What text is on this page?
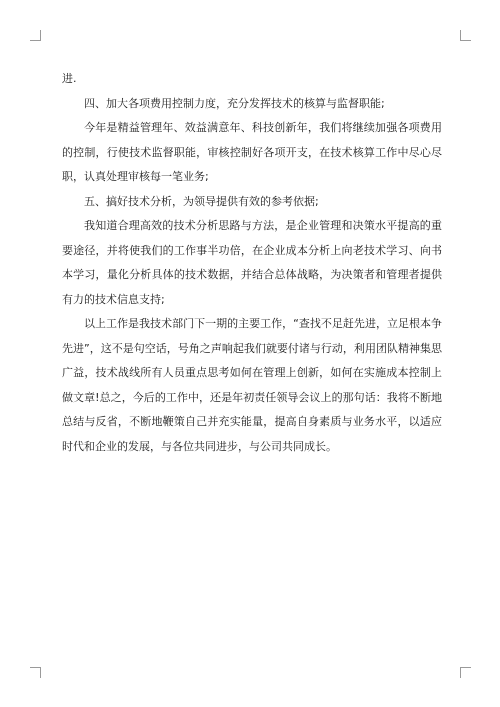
进.

四、加大各项费用控制力度，充分发挥技术的核算与监督职能;

今年是精益管理年、效益满意年、科技创新年，我们将继续加强各项费用的控制，行使技术监督职能，审核控制好各项开支，在技术核算工作中尽心尽职，认真处理审核每一笔业务;

五、搞好技术分析，为领导提供有效的参考依据;

我知道合理高效的技术分析思路与方法，是企业管理和决策水平提高的重要途径，并将使我们的工作事半功倍，在企业成本分析上向老技术学习、向书本学习，量化分析具体的技术数据，并结合总体战略，为决策者和管理者提供有力的技术信息支持;

以上工作是我技术部门下一期的主要工作，“查找不足赶先进，立足根本争先进”，这不是句空话，号角之声响起我们就要付诸与行动，利用团队精神集思广益，技术战线所有人员重点思考如何在管理上创新，如何在实施成本控制上做文章!总之，今后的工作中，还是年初责任领导会议上的那句话：我将不断地总结与反省，不断地鞭策自己并充实能量，提高自身素质与业务水平，以适应时代和企业的发展，与各位共同进步，与公司共同成长。
